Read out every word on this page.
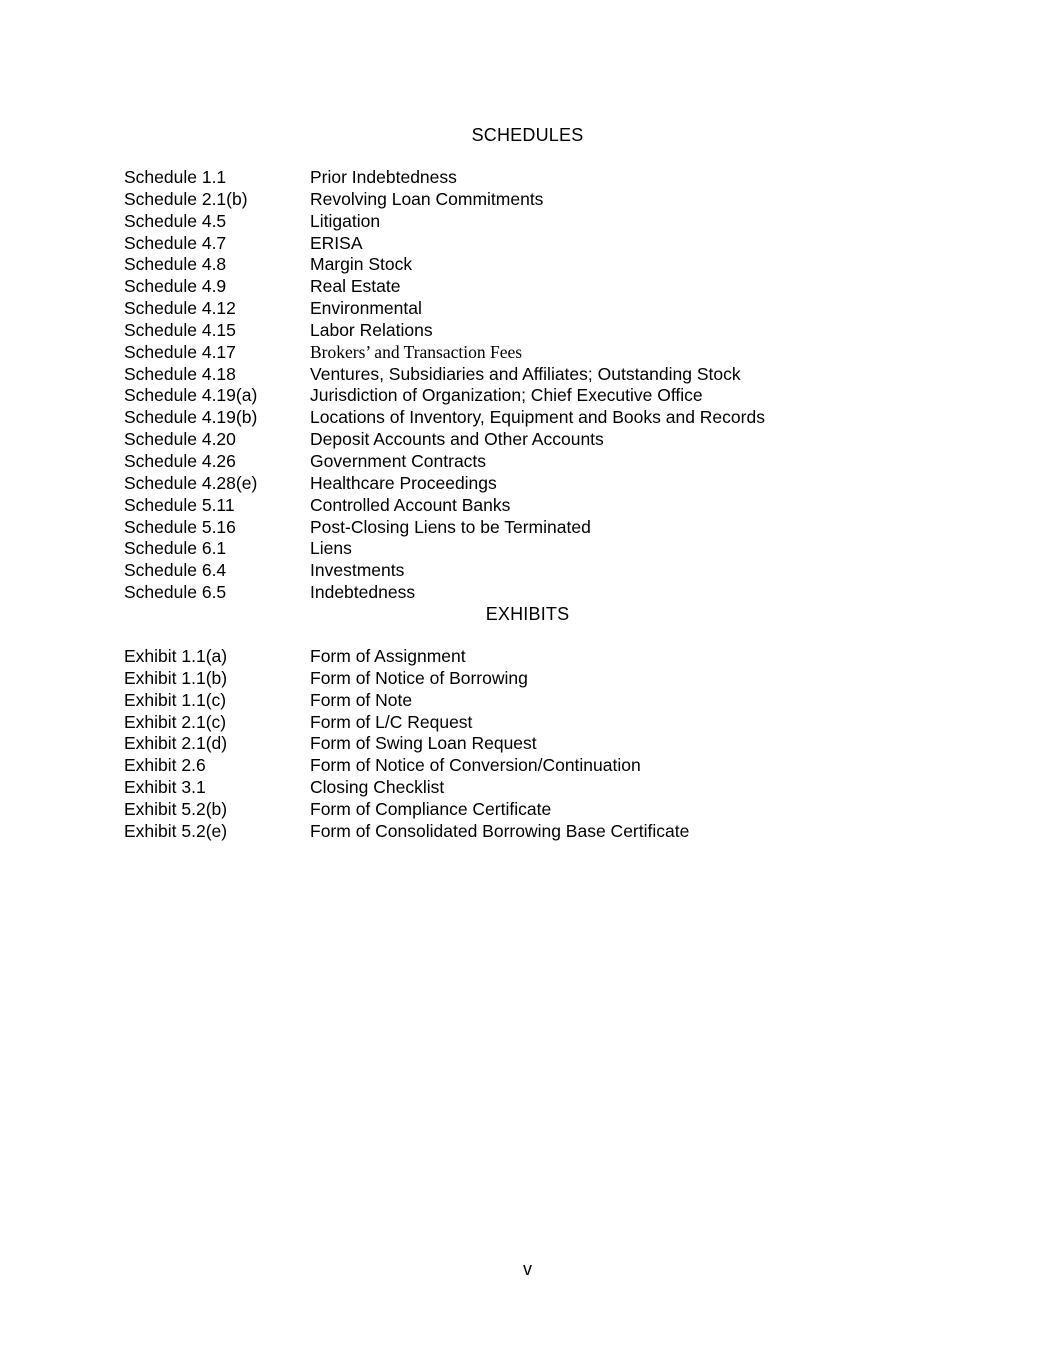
SCHEDULES
Schedule 1.1	Prior Indebtedness
Schedule 2.1(b)	Revolving Loan Commitments
Schedule 4.5	Litigation
Schedule 4.7	ERISA
Schedule 4.8	Margin Stock
Schedule 4.9	Real Estate
Schedule 4.12	Environmental
Schedule 4.15	Labor Relations
Schedule 4.17	Brokers’ and Transaction Fees
Schedule 4.18	Ventures, Subsidiaries and Affiliates; Outstanding Stock
Schedule 4.19(a)	Jurisdiction of Organization; Chief Executive Office
Schedule 4.19(b)	Locations of Inventory, Equipment and Books and Records
Schedule 4.20	Deposit Accounts and Other Accounts
Schedule 4.26	Government Contracts
Schedule 4.28(e)	Healthcare Proceedings
Schedule 5.11	Controlled Account Banks
Schedule 5.16	Post-Closing Liens to be Terminated
Schedule 6.1	Liens
Schedule 6.4	Investments
Schedule 6.5	Indebtedness
EXHIBITS
Exhibit 1.1(a)	Form of Assignment
Exhibit 1.1(b)	Form of Notice of Borrowing
Exhibit 1.1(c)	Form of Note
Exhibit 2.1(c)	Form of L/C Request
Exhibit 2.1(d)	Form of Swing Loan Request
Exhibit 2.6	Form of Notice of Conversion/Continuation
Exhibit 3.1	Closing Checklist
Exhibit 5.2(b)	Form of Compliance Certificate
Exhibit 5.2(e)	Form of Consolidated Borrowing Base Certificate
v
